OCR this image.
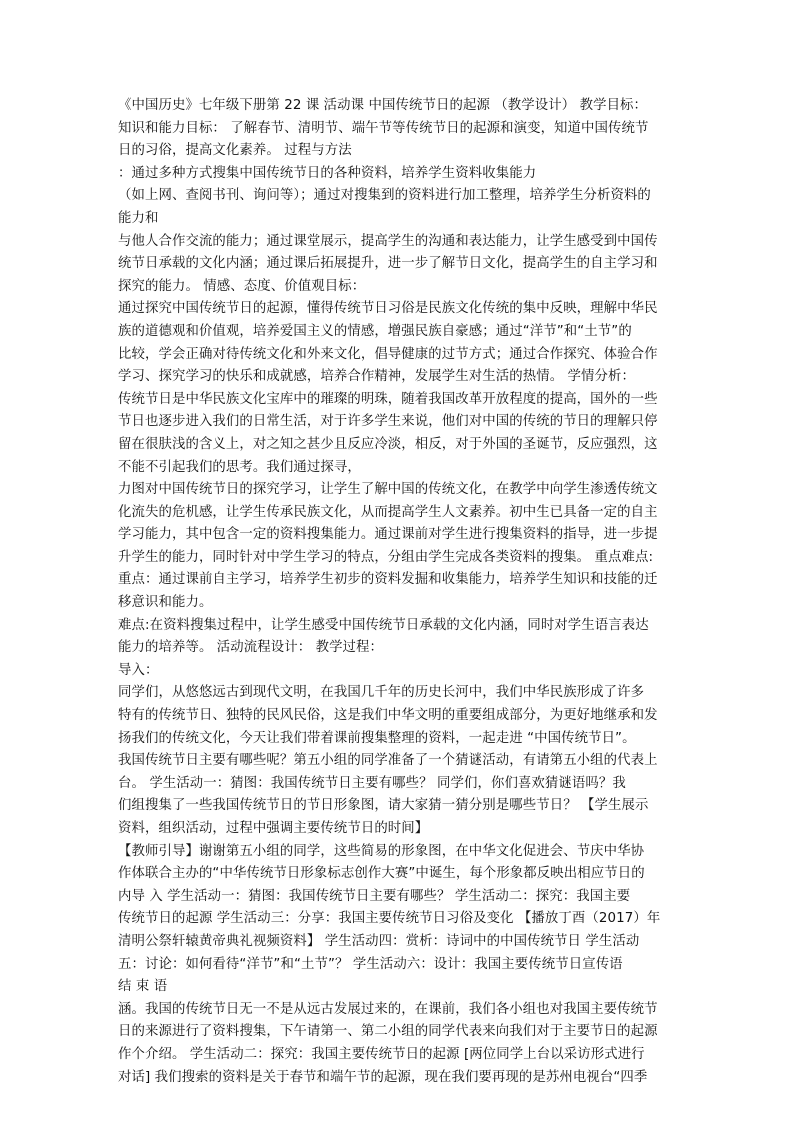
《中国历史》七年级下册第 22 课 活动课 中国传统节日的起源 （教学设计） 教学目标：
知识和能力目标： 了解春节、清明节、端午节等传统节日的起源和演变，知道中国传统节
日的习俗，提高文化素养。 过程与方法
：通过多种方式搜集中国传统节日的各种资料，培养学生资料收集能力
（如上网、查阅书刊、询问等）；通过对搜集到的资料进行加工整理，培养学生分析资料的
能力和
与他人合作交流的能力；通过课堂展示，提高学生的沟通和表达能力，让学生感受到中国传
统节日承载的文化内涵；通过课后拓展提升，进一步了解节日文化，提高学生的自主学习和
探究的能力。 情感、态度、价值观目标：
通过探究中国传统节日的起源，懂得传统节日习俗是民族文化传统的集中反映，理解中华民
族的道德观和价值观，培养爱国主义的情感，增强民族自豪感；通过“洋节”和“土节”的
比较，学会正确对待传统文化和外来文化，倡导健康的过节方式；通过合作探究、体验合作
学习、探究学习的快乐和成就感，培养合作精神，发展学生对生活的热情。 学情分析：
传统节日是中华民族文化宝库中的璀璨的明珠，随着我国改革开放程度的提高，国外的一些
节日也逐步进入我们的日常生活，对于许多学生来说，他们对中国的传统的节日的理解只停
留在很肤浅的含义上，对之知之甚少且反应冷淡，相反，对于外国的圣诞节，反应强烈，这
不能不引起我们的思考。我们通过探寻，
力图对中国传统节日的探究学习，让学生了解中国的传统文化，在教学中向学生渗透传统文
化流失的危机感，让学生传承民族文化，从而提高学生人文素养。初中生已具备一定的自主
学习能力，其中包含一定的资料搜集能力。通过课前对学生进行搜集资料的指导，进一步提
升学生的能力，同时针对中学生学习的特点，分组由学生完成各类资料的搜集。 重点难点:
重点：通过课前自主学习，培养学生初步的资料发掘和收集能力，培养学生知识和技能的迁
移意识和能力。
难点:在资料搜集过程中，让学生感受中国传统节日承载的文化内涵，同时对学生语言表达
能力的培养等。 活动流程设计： 教学过程：
导入：
同学们，从悠悠远古到现代文明，在我国几千年的历史长河中，我们中华民族形成了许多
特有的传统节日、独特的民风民俗，这是我们中华文明的重要组成部分，为更好地继承和发
扬我们的传统文化，今天让我们带着课前搜集整理的资料，一起走进 “中国传统节日”。
我国传统节日主要有哪些呢？第五小组的同学准备了一个猜谜活动，有请第五小组的代表上
台。 学生活动一：猜图：我国传统节日主要有哪些？ 同学们，你们喜欢猜谜语吗？我
们组搜集了一些我国传统节日的节日形象图，请大家猜一猜分别是哪些节日？ 【学生展示
资料，组织活动，过程中强调主要传统节日的时间】
【教师引导】谢谢第五小组的同学，这些简易的形象图，在中华文化促进会、节庆中华协
作体联合主办的“中华传统节日形象标志创作大赛”中诞生，每个形象都反映出相应节日的
内导 入 学生活动一：猜图：我国传统节日主要有哪些？ 学生活动二：探究：我国主要
传统节日的起源 学生活动三：分享：我国主要传统节日习俗及变化 【播放丁酉（2017）年
清明公祭轩辕黄帝典礼视频资料】 学生活动四：赏析：诗词中的中国传统节日 学生活动
五：讨论：如何看待“洋节”和“土节”？ 学生活动六：设计：我国主要传统节日宣传语
结 束 语
涵。我国的传统节日无一不是从远古发展过来的，在课前，我们各小组也对我国主要传统节
日的来源进行了资料搜集，下午请第一、第二小组的同学代表来向我们对于主要节日的起源
作个介绍。 学生活动二：探究：我国主要传统节日的起源 [两位同学上台以采访形式进行
对话] 我们搜索的资料是关于春节和端午节的起源，现在我们要再现的是苏州电视台“四季
